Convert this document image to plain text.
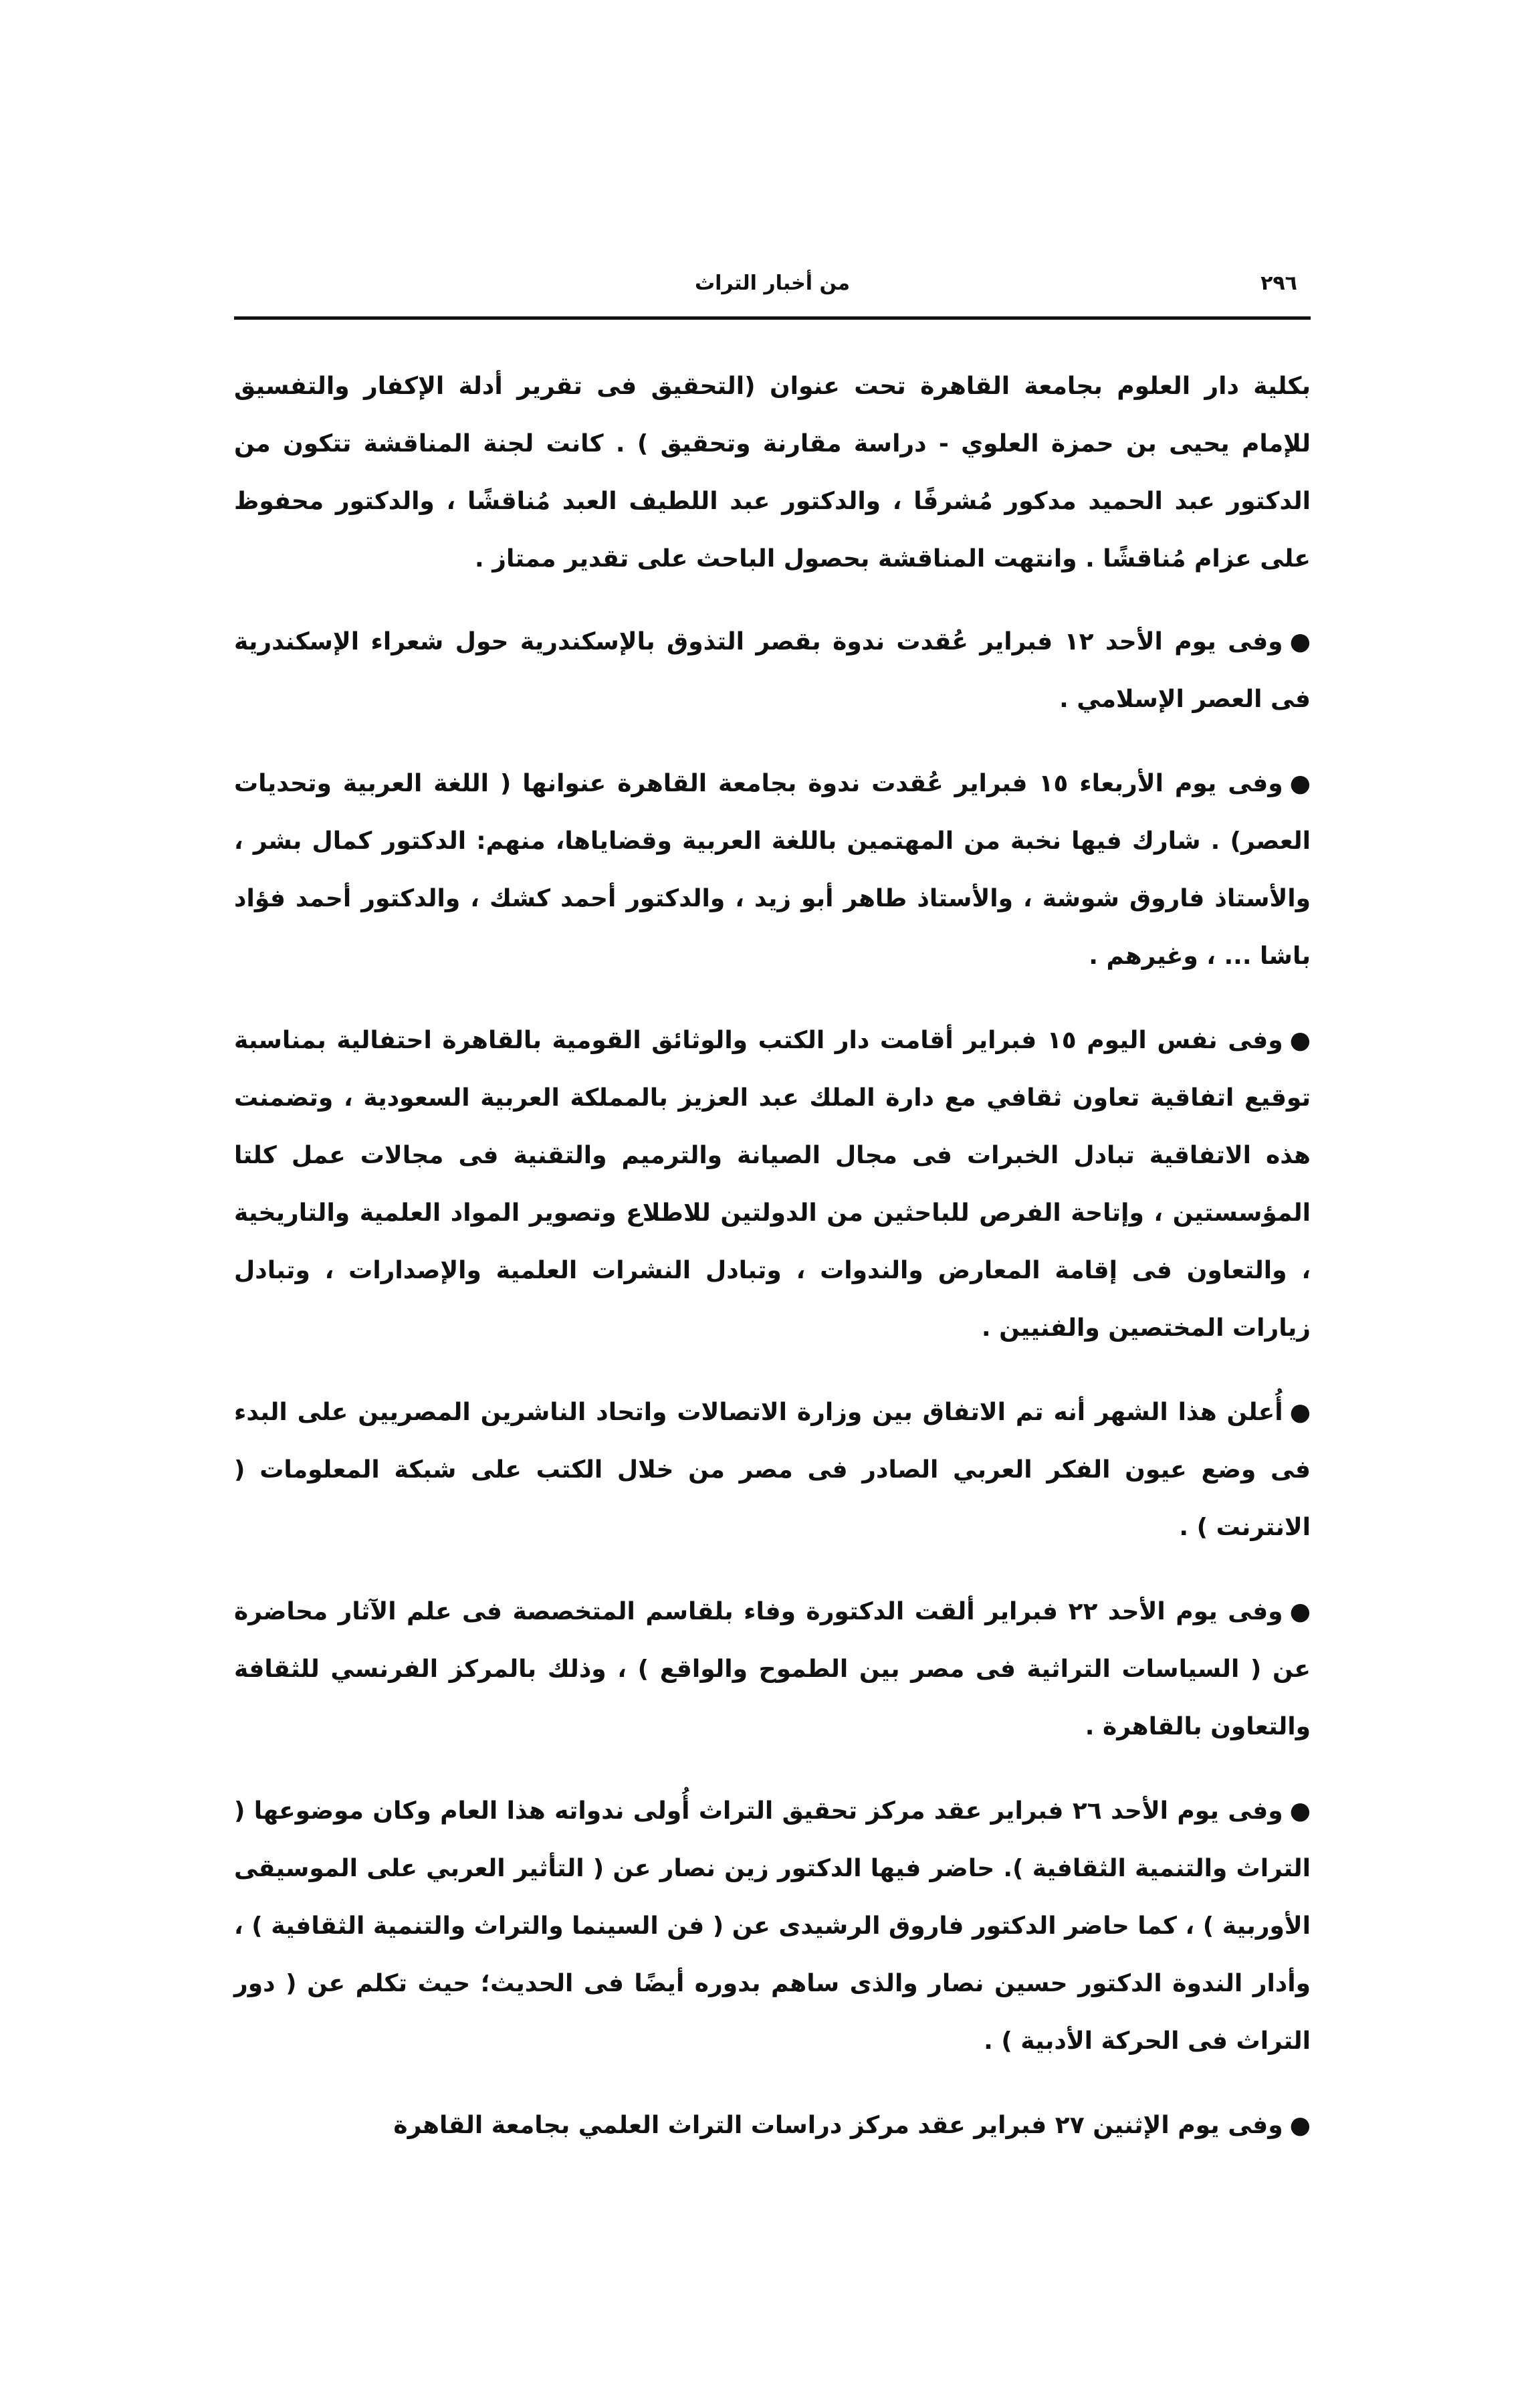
٢٩٦
من أخبار التراث

بكلية دار العلوم بجامعة القاهرة تحت عنوان (التحقيق فى تقرير أدلة الإكفار والتفسيق للإمام يحيى بن حمزة العلوي - دراسة مقارنة وتحقيق ) . كانت لجنة المناقشة تتكون من الدكتور عبد الحميد مدكور مُشرفًا ، والدكتور عبد اللطيف العبد مُناقشًا ، والدكتور محفوظ على عزام مُناقشًا . وانتهت المناقشة بحصول الباحث على تقدير ممتاز .

●وفى يوم الأحد ١٢ فبراير عُقدت ندوة بقصر التذوق بالإسكندرية حول شعراء الإسكندرية فى العصر الإسلامي .

●وفى يوم الأربعاء ١٥ فبراير عُقدت ندوة بجامعة القاهرة عنوانها ( اللغة العربية وتحديات العصر) . شارك فيها نخبة من المهتمين باللغة العربية وقضاياها، منهم: الدكتور كمال بشر ، والأستاذ فاروق شوشة ، والأستاذ طاهر أبو زيد ، والدكتور أحمد كشك ، والدكتور أحمد فؤاد باشا ... ، وغيرهم .

●وفى نفس اليوم ١٥ فبراير أقامت دار الكتب والوثائق القومية بالقاهرة احتفالية بمناسبة توقيع اتفاقية تعاون ثقافي مع دارة الملك عبد العزيز بالمملكة العربية السعودية ، وتضمنت هذه الاتفاقية تبادل الخبرات فى مجال الصيانة والترميم والتقنية فى مجالات عمل كلتا المؤسستين ، وإتاحة الفرص للباحثين من الدولتين للاطلاع وتصوير المواد العلمية والتاريخية ، والتعاون فى إقامة المعارض والندوات ، وتبادل النشرات العلمية والإصدارات ، وتبادل زيارات المختصين والفنيين .

●أُعلن هذا الشهر أنه تم الاتفاق بين وزارة الاتصالات واتحاد الناشرين المصريين على البدء فى وضع عيون الفكر العربي الصادر فى مصر من خلال الكتب على شبكة المعلومات ( الانترنت ) .

●وفى يوم الأحد ٢٢ فبراير ألقت الدكتورة وفاء بلقاسم المتخصصة فى علم الآثار محاضرة عن ( السياسات التراثية فى مصر بين الطموح والواقع ) ، وذلك بالمركز الفرنسي للثقافة والتعاون بالقاهرة .

●وفى يوم الأحد ٢٦ فبراير عقد مركز تحقيق التراث أُولى ندواته هذا العام وكان موضوعها ( التراث والتنمية الثقافية ). حاضر فيها الدكتور زين نصار عن ( التأثير العربي على الموسيقى الأوربية ) ، كما حاضر الدكتور فاروق الرشيدى عن ( فن السينما والتراث والتنمية الثقافية ) ، وأدار الندوة الدكتور حسين نصار والذى ساهم بدوره أيضًا فى الحديث؛ حيث تكلم عن ( دور التراث فى الحركة الأدبية ) .

●وفى يوم الإثنين ٢٧ فبراير عقد مركز دراسات التراث العلمي بجامعة القاهرة
